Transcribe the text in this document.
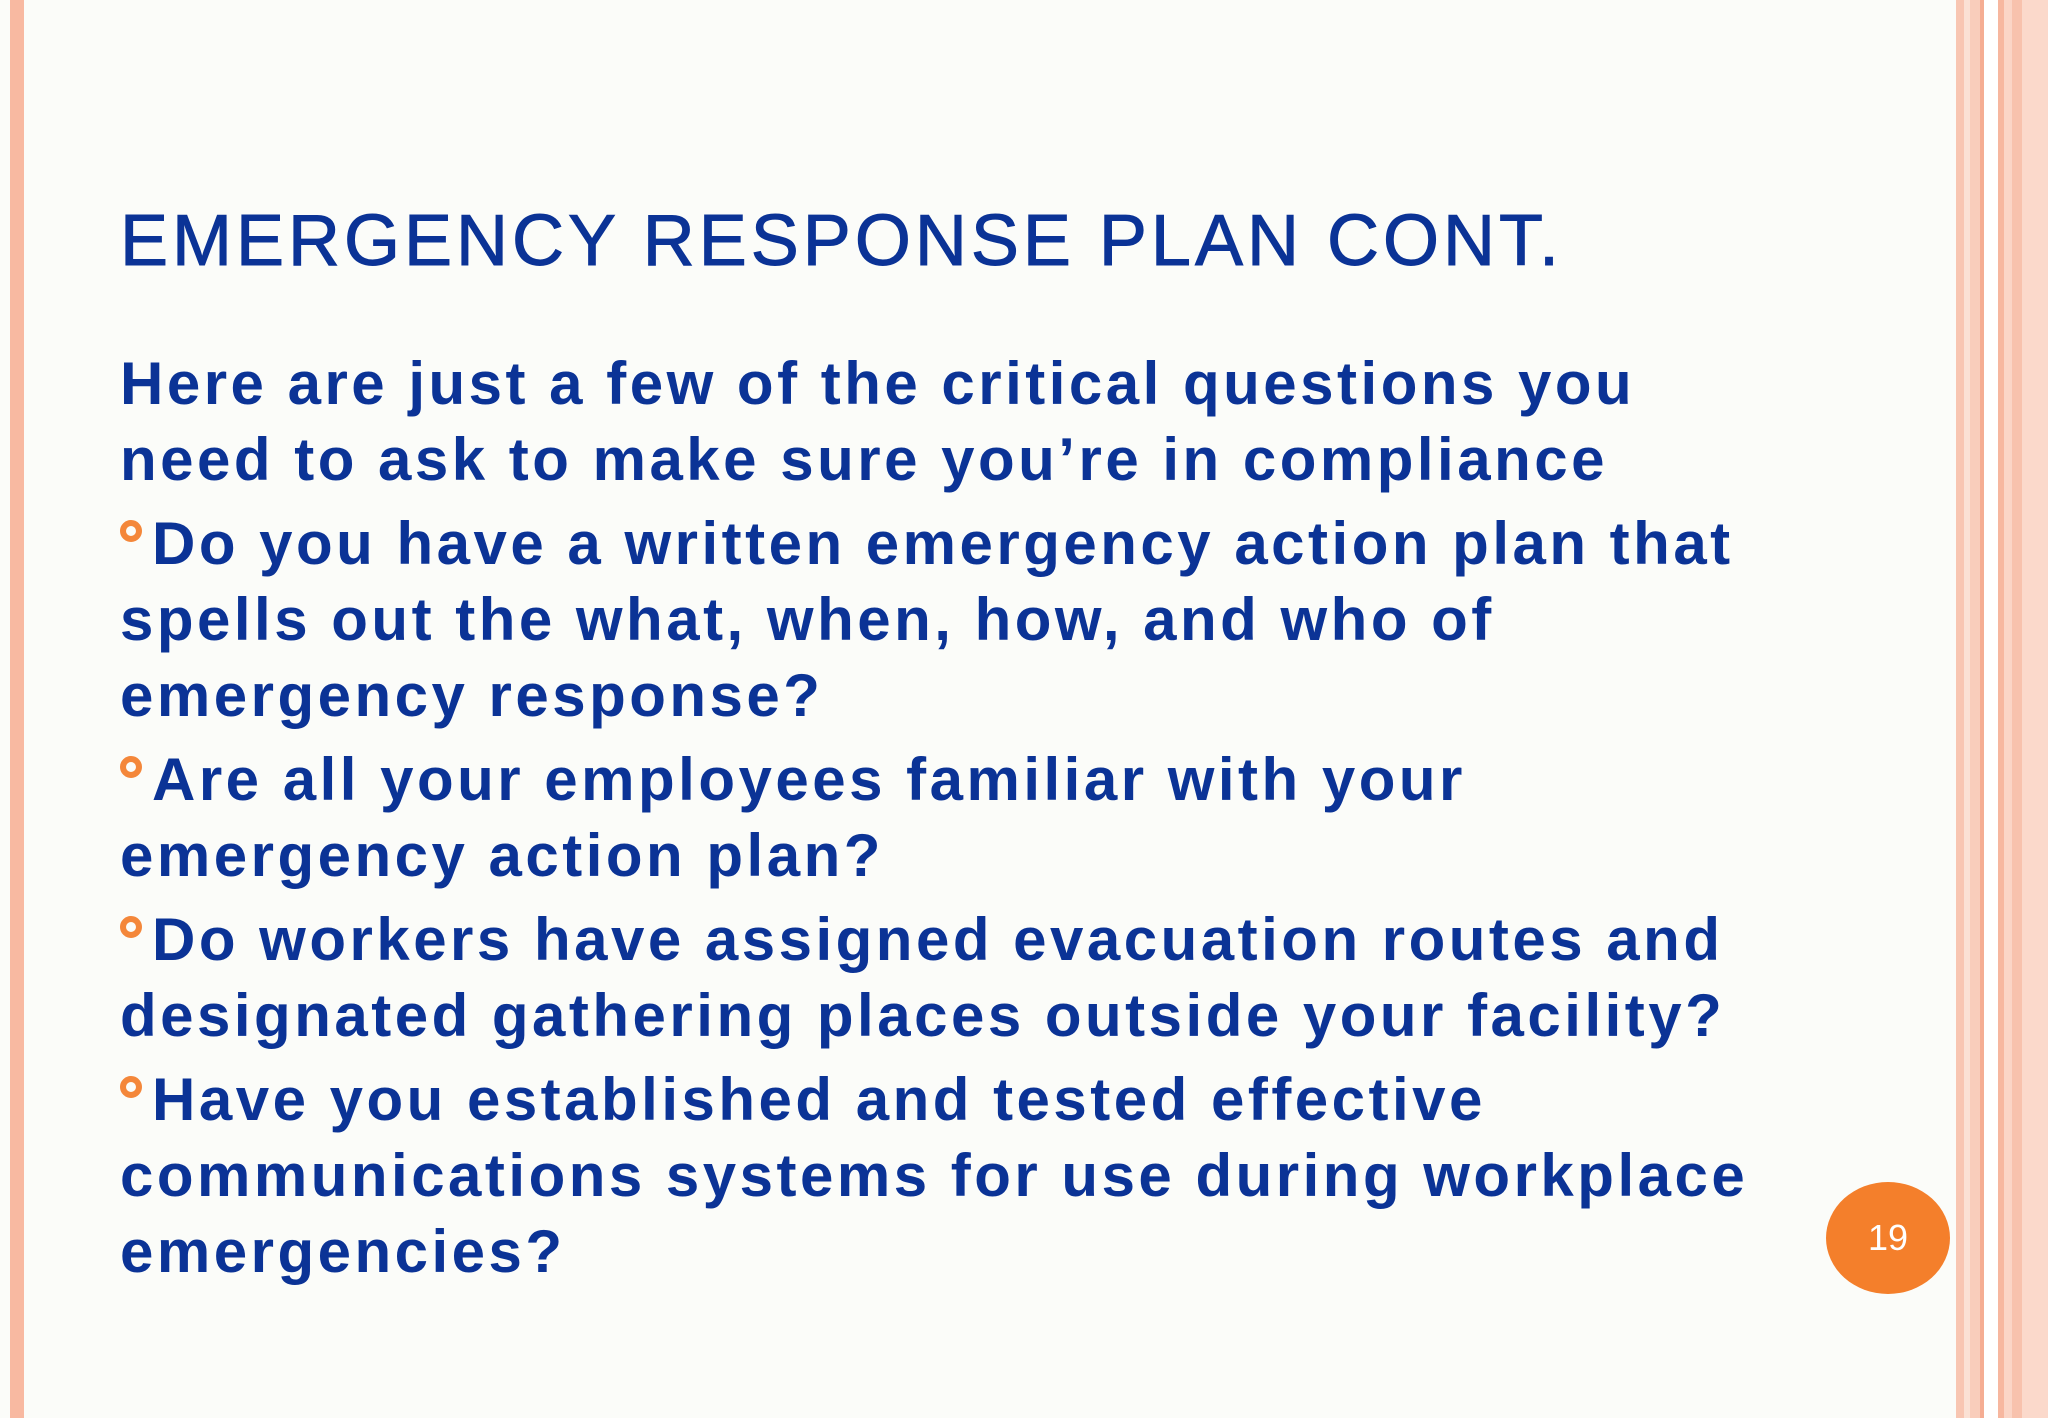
EMERGENCY RESPONSE PLAN CONT.

Here are just a few of the critical questions you need to ask to make sure you’re in compliance

Do you have a written emergency action plan that spells out the what, when, how, and who of emergency response?

Are all your employees familiar with your emergency action plan?

Do workers have assigned evacuation routes and designated gathering places outside your facility?

Have you established and tested effective communications systems for use during workplace emergencies?	19
